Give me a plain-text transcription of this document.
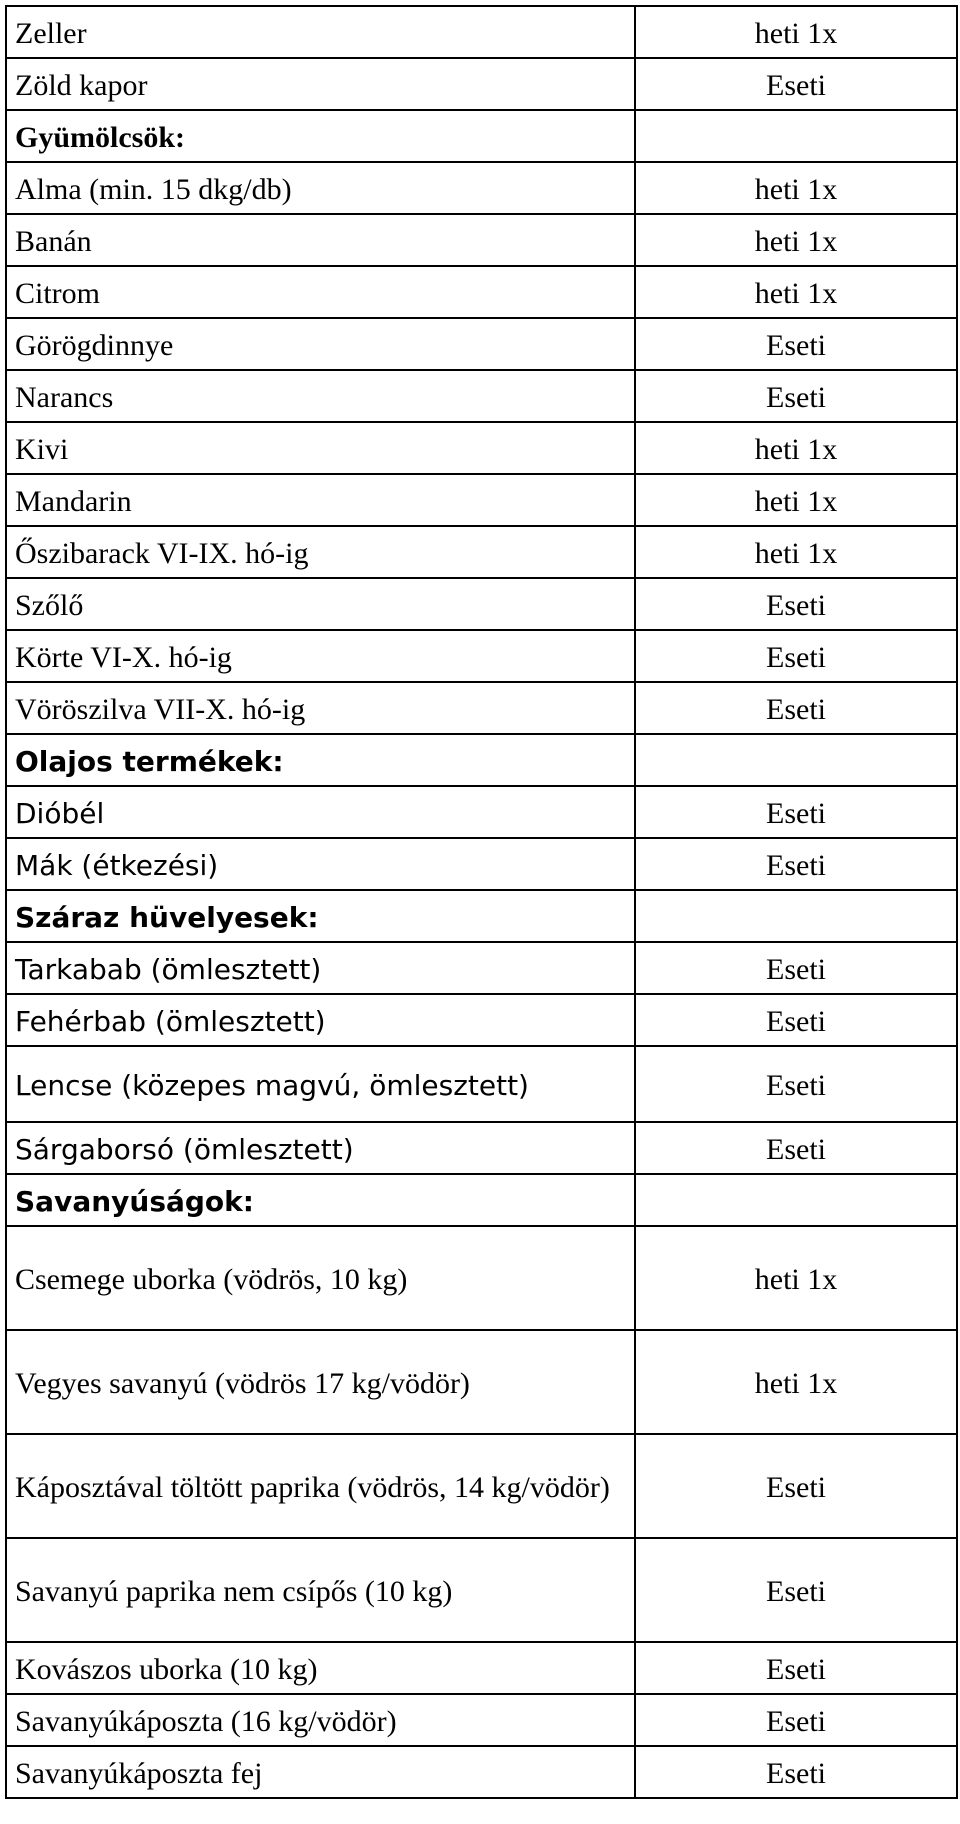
Zeller	heti 1x
Zöld kapor	Eseti
Gyümölcsök:	
Alma (min. 15 dkg/db)	heti 1x
Banán	heti 1x
Citrom	heti 1x
Görögdinnye	Eseti
Narancs	Eseti
Kivi	heti 1x
Mandarin	heti 1x
Őszibarack VI-IX. hó-ig	heti 1x
Szőlő	Eseti
Körte VI-X. hó-ig	Eseti
Vöröszilva VII-X. hó-ig	Eseti
Olajos termékek:	
Dióbél	Eseti
Mák (étkezési)	Eseti
Száraz hüvelyesek:	
Tarkabab (ömlesztett)	Eseti
Fehérbab (ömlesztett)	Eseti
Lencse (közepes magvú, ömlesztett)	Eseti
Sárgaborsó (ömlesztett)	Eseti
Savanyúságok:	
Csemege uborka (vödrös, 10 kg)	heti 1x
Vegyes savanyú (vödrös 17 kg/vödör)	heti 1x
Káposztával töltött paprika (vödrös, 14 kg/vödör)	Eseti
Savanyú paprika nem csípős (10 kg)	Eseti
Kovászos uborka (10 kg)	Eseti
Savanyúkáposzta (16 kg/vödör)	Eseti
Savanyúkáposzta fej	Eseti
